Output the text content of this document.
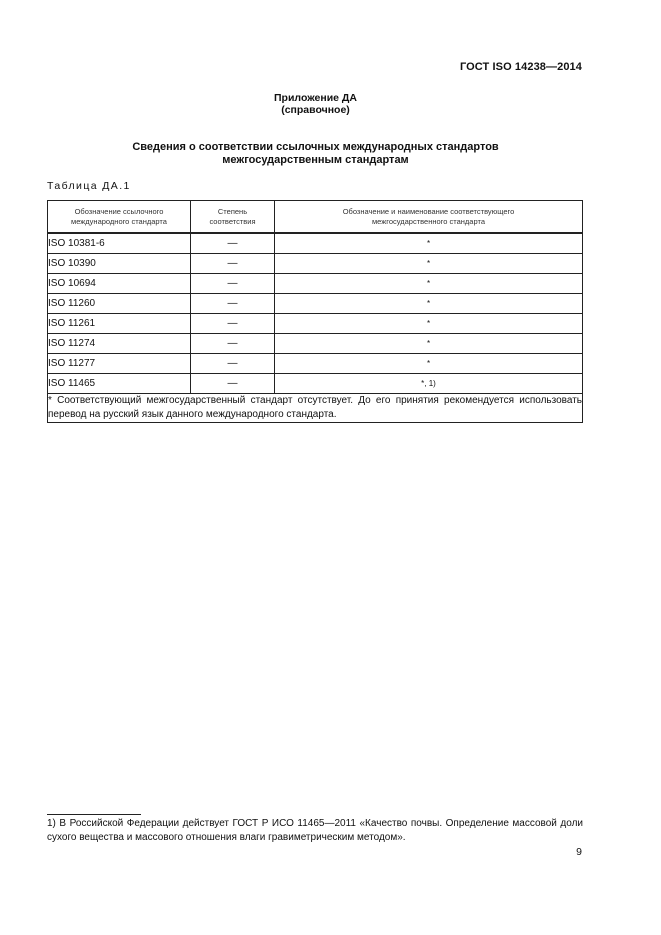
ГОСТ ISO 14238—2014
Приложение ДА
(справочное)
Сведения о соответствии ссылочных международных стандартов
межгосударственным стандартам
Таблица ДА.1
Обозначение ссылочного международного стандарта	Степень соответствия	Обозначение и наименование соответствующего межгосударственного стандарта
ISO 10381-6	—	*
ISO 10390	—	*
ISO 10694	—	*
ISO 11260	—	*
ISO 11261	—	*
ISO 11274	—	*
ISO 11277	—	*
ISO 11465	—	*, 1)
* Соответствующий межгосударственный стандарт отсутствует. До его принятия рекомендуется использовать перевод на русский язык данного международного стандарта.		
1) В Российской Федерации действует ГОСТ Р ИСО 11465—2011 «Качество почвы. Определение массовой доли сухого вещества и массового отношения влаги гравиметрическим методом».
9
